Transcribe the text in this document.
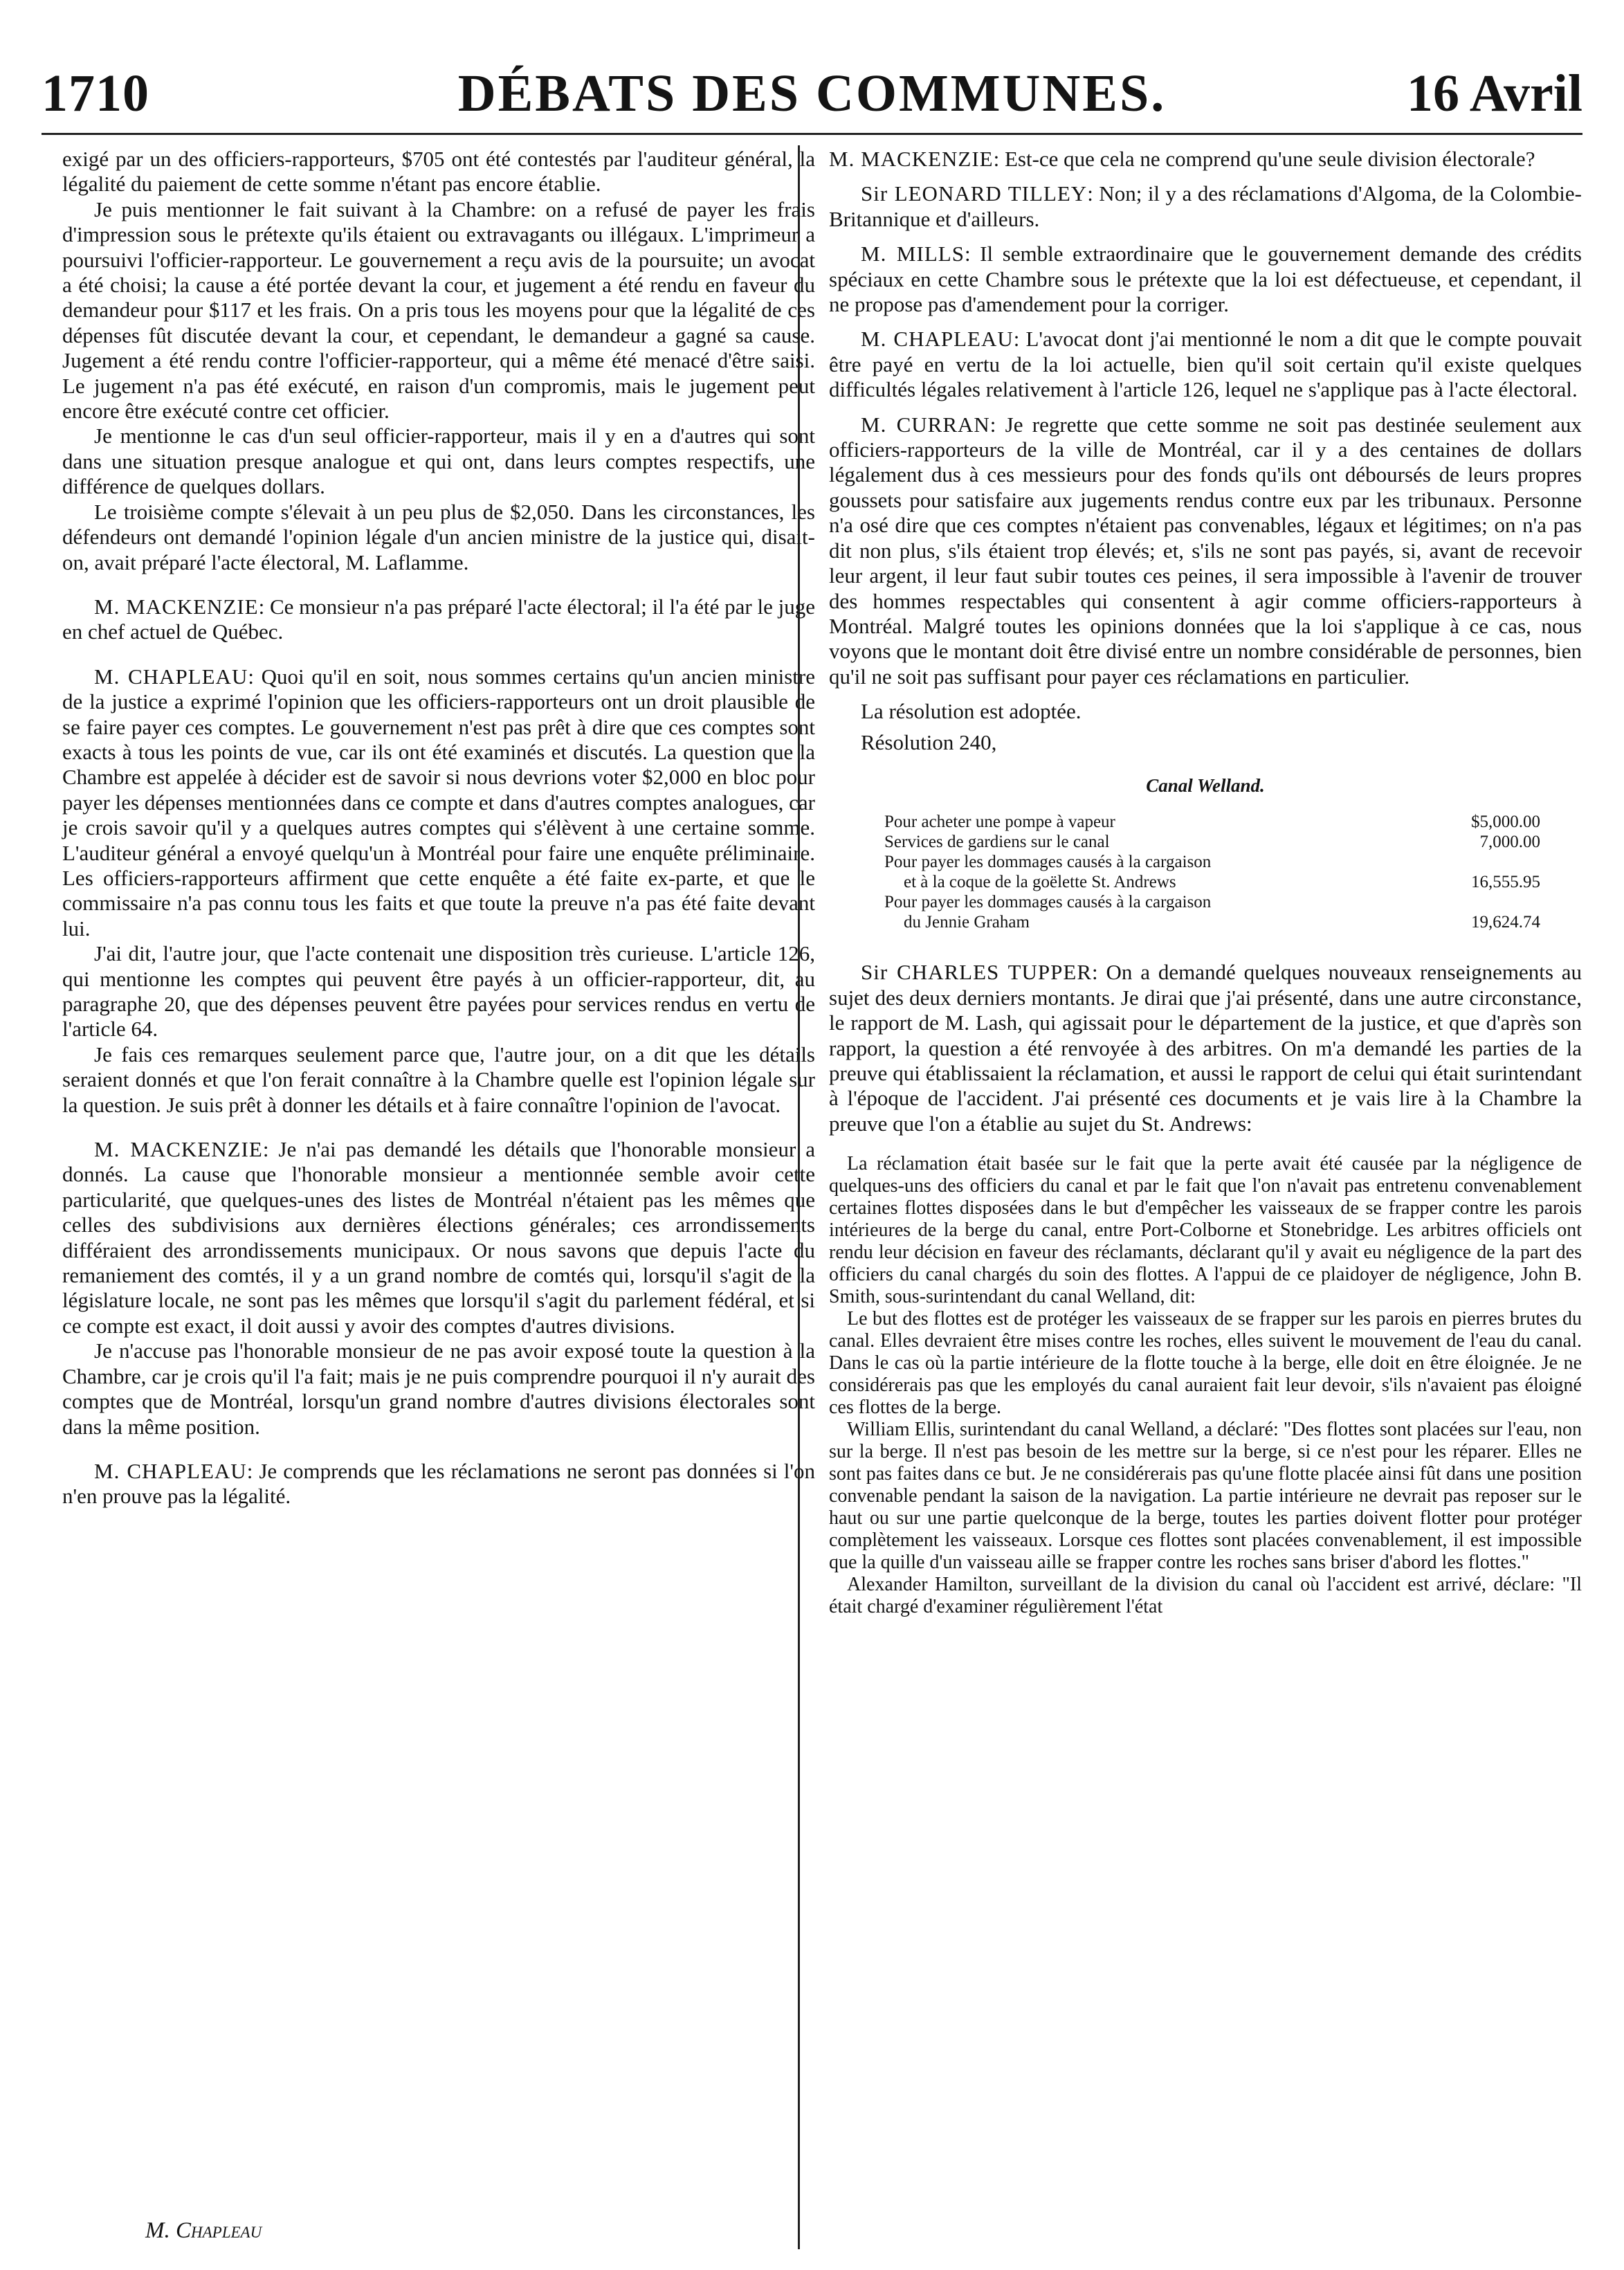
1710	DÉBATS DES COMMUNES.	16 Avril

exigé par un des officiers-rapporteurs, $705 ont été contestés par l'auditeur général, la légalité du paiement de cette somme n'étant pas encore établie.

Je puis mentionner le fait suivant à la Chambre: on a refusé de payer les frais d'impression sous le prétexte qu'ils étaient ou extravagants ou illégaux. L'imprimeur a poursuivi l'officier-rapporteur. Le gouvernement a reçu avis de la poursuite; un avocat a été choisi; la cause a été portée devant la cour, et jugement a été rendu en faveur du demandeur pour $117 et les frais. On a pris tous les moyens pour que la légalité de ces dépenses fût discutée devant la cour, et cependant, le demandeur a gagné sa cause. Jugement a été rendu contre l'officier-rapporteur, qui a même été menacé d'être saisi. Le jugement n'a pas été exécuté, en raison d'un compromis, mais le jugement peut encore être exécuté contre cet officier.

Je mentionne le cas d'un seul officier-rapporteur, mais il y en a d'autres qui sont dans une situation presque analogue et qui ont, dans leurs comptes respectifs, une différence de quelques dollars.

Le troisième compte s'élevait à un peu plus de $2,050. Dans les circonstances, les défendeurs ont demandé l'opinion légale d'un ancien ministre de la justice qui, disait-on, avait préparé l'acte électoral, M. Laflamme.

M. MACKENZIE: Ce monsieur n'a pas préparé l'acte électoral; il l'a été par le juge en chef actuel de Québec.

M. CHAPLEAU: Quoi qu'il en soit, nous sommes certains qu'un ancien ministre de la justice a exprimé l'opinion que les officiers-rapporteurs ont un droit plausible de se faire payer ces comptes. Le gouvernement n'est pas prêt à dire que ces comptes sont exacts à tous les points de vue, car ils ont été examinés et discutés. La question que la Chambre est appelée à décider est de savoir si nous devrions voter $2,000 en bloc pour payer les dépenses mentionnées dans ce compte et dans d'autres comptes analogues, car je crois savoir qu'il y a quelques autres comptes qui s'élèvent à une certaine somme. L'auditeur général a envoyé quelqu'un à Montréal pour faire une enquête préliminaire. Les officiers-rapporteurs affirment que cette enquête a été faite ex-parte, et que le commissaire n'a pas connu tous les faits et que toute la preuve n'a pas été faite devant lui.

J'ai dit, l'autre jour, que l'acte contenait une disposition très curieuse. L'article 126, qui mentionne les comptes qui peuvent être payés à un officier-rapporteur, dit, au paragraphe 20, que des dépenses peuvent être payées pour services rendus en vertu de l'article 64.

Je fais ces remarques seulement parce que, l'autre jour, on a dit que les détails seraient donnés et que l'on ferait connaître à la Chambre quelle est l'opinion légale sur la question. Je suis prêt à donner les détails et à faire connaître l'opinion de l'avocat.

M. MACKENZIE: Je n'ai pas demandé les détails que l'honorable monsieur a donnés. La cause que l'honorable monsieur a mentionnée semble avoir cette particularité, que quelques-unes des listes de Montréal n'étaient pas les mêmes que celles des subdivisions aux dernières élections générales; ces arrondissements différaient des arrondissements municipaux. Or nous savons que depuis l'acte du remaniement des comtés, il y a un grand nombre de comtés qui, lorsqu'il s'agit de la législature locale, ne sont pas les mêmes que lorsqu'il s'agit du parlement fédéral, et si ce compte est exact, il doit aussi y avoir des comptes d'autres divisions.

Je n'accuse pas l'honorable monsieur de ne pas avoir exposé toute la question à la Chambre, car je crois qu'il l'a fait; mais je ne puis comprendre pourquoi il n'y aurait des comptes que de Montréal, lorsqu'un grand nombre d'autres divisions électorales sont dans la même position.

M. CHAPLEAU: Je comprends que les réclamations ne seront pas données si l'on n'en prouve pas la légalité.

M. MACKENZIE: Est-ce que cela ne comprend qu'une seule division électorale?

Sir LEONARD TILLEY: Non; il y a des réclamations d'Algoma, de la Colombie-Britannique et d'ailleurs.

M. MILLS: Il semble extraordinaire que le gouvernement demande des crédits spéciaux en cette Chambre sous le prétexte que la loi est défectueuse, et cependant, il ne propose pas d'amendement pour la corriger.

M. CHAPLEAU: L'avocat dont j'ai mentionné le nom a dit que le compte pouvait être payé en vertu de la loi actuelle, bien qu'il soit certain qu'il existe quelques difficultés légales relativement à l'article 126, lequel ne s'applique pas à l'acte électoral.

M. CURRAN: Je regrette que cette somme ne soit pas destinée seulement aux officiers-rapporteurs de la ville de Montréal, car il y a des centaines de dollars légalement dus à ces messieurs pour des fonds qu'ils ont déboursés de leurs propres goussets pour satisfaire aux jugements rendus contre eux par les tribunaux. Personne n'a osé dire que ces comptes n'étaient pas convenables, légaux et légitimes; on n'a pas dit non plus, s'ils étaient trop élevés; et, s'ils ne sont pas payés, si, avant de recevoir leur argent, il leur faut subir toutes ces peines, il sera impossible à l'avenir de trouver des hommes respectables qui consentent à agir comme officiers-rapporteurs à Montréal. Malgré toutes les opinions données que la loi s'applique à ce cas, nous voyons que le montant doit être divisé entre un nombre considérable de personnes, bien qu'il ne soit pas suffisant pour payer ces réclamations en particulier.

La résolution est adoptée.

Résolution 240,

Canal Welland.
Pour acheter une pompe à vapeur	$5,000.00
Services de gardiens sur le canal	7,000.00
Pour payer les dommages causés à la cargaison
et à la coque de la goëlette St. Andrews	16,555.95
Pour payer les dommages causés à la cargaison
du Jennie Graham	19,624.74

Sir CHARLES TUPPER: On a demandé quelques nouveaux renseignements au sujet des deux derniers montants. Je dirai que j'ai présenté, dans une autre circonstance, le rapport de M. Lash, qui agissait pour le département de la justice, et que d'après son rapport, la question a été renvoyée à des arbitres. On m'a demandé les parties de la preuve qui établissaient la réclamation, et aussi le rapport de celui qui était surintendant à l'époque de l'accident. J'ai présenté ces documents et je vais lire à la Chambre la preuve que l'on a établie au sujet du St. Andrews:

La réclamation était basée sur le fait que la perte avait été causée par la négligence de quelques-uns des officiers du canal et par le fait que l'on n'avait pas entretenu convenablement certaines flottes disposées dans le but d'empêcher les vaisseaux de se frapper contre les parois intérieures de la berge du canal, entre Port-Colborne et Stonebridge. Les arbitres officiels ont rendu leur décision en faveur des réclamants, déclarant qu'il y avait eu négligence de la part des officiers du canal chargés du soin des flottes. A l'appui de ce plaidoyer de négligence, John B. Smith, sous-surintendant du canal Welland, dit:

Le but des flottes est de protéger les vaisseaux de se frapper sur les parois en pierres brutes du canal. Elles devraient être mises contre les roches, elles suivent le mouvement de l'eau du canal. Dans le cas où la partie intérieure de la flotte touche à la berge, elle doit en être éloignée. Je ne considérerais pas que les employés du canal auraient fait leur devoir, s'ils n'avaient pas éloigné ces flottes de la berge.

William Ellis, surintendant du canal Welland, a déclaré: "Des flottes sont placées sur l'eau, non sur la berge. Il n'est pas besoin de les mettre sur la berge, si ce n'est pour les réparer. Elles ne sont pas faites dans ce but. Je ne considérerais pas qu'une flotte placée ainsi fût dans une position convenable pendant la saison de la navigation. La partie intérieure ne devrait pas reposer sur le haut ou sur une partie quelconque de la berge, toutes les parties doivent flotter pour protéger complètement les vaisseaux. Lorsque ces flottes sont placées convenablement, il est impossible que la quille d'un vaisseau aille se frapper contre les roches sans briser d'abord les flottes."

Alexander Hamilton, surveillant de la division du canal où l'accident est arrivé, déclare: "Il était chargé d'examiner régulièrement l'état

M. Chapleau
